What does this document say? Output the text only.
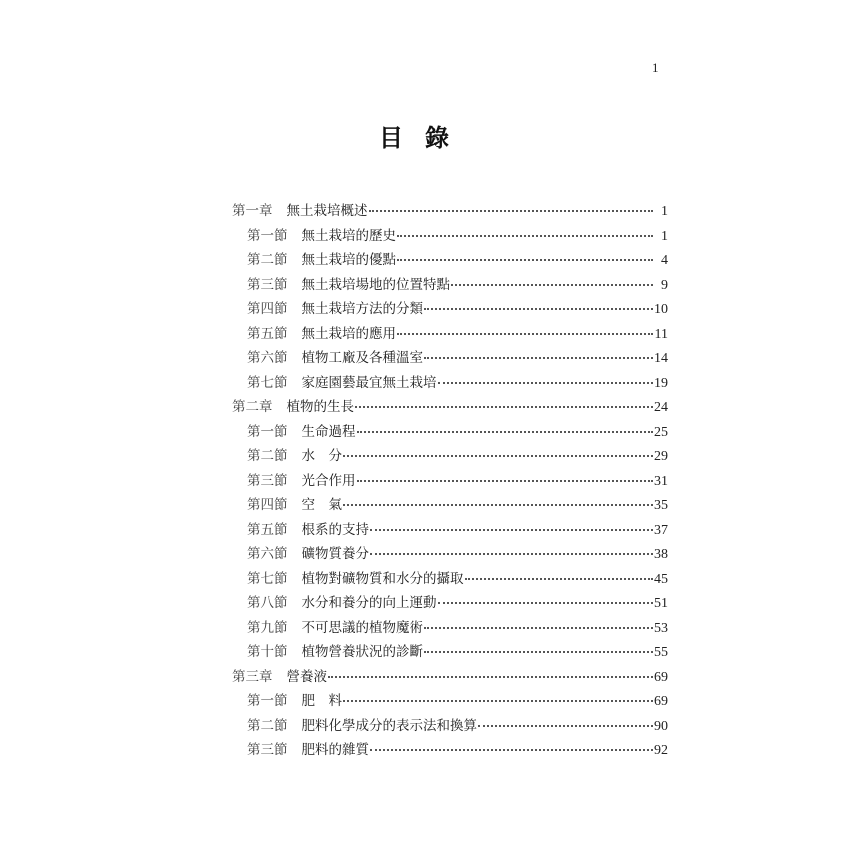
1
目錄
第一章 無土栽培概述	1
第一節 無土栽培的歷史	1
第二節 無土栽培的優點	4
第三節 無土栽培場地的位置特點	9
第四節 無土栽培方法的分類	10
第五節 無土栽培的應用	11
第六節 植物工廠及各種溫室	14
第七節 家庭園藝最宜無土栽培	19
第二章 植物的生長	24
第一節 生命過程	25
第二節 水　分	29
第三節 光合作用	31
第四節 空　氣	35
第五節 根系的支持	37
第六節 礦物質養分	38
第七節 植物對礦物質和水分的攝取	45
第八節 水分和養分的向上運動	51
第九節 不可思議的植物魔術	53
第十節 植物營養狀況的診斷	55
第三章 營養液	69
第一節 肥　料	69
第二節 肥料化學成分的表示法和換算	90
第三節 肥料的雜質	92
